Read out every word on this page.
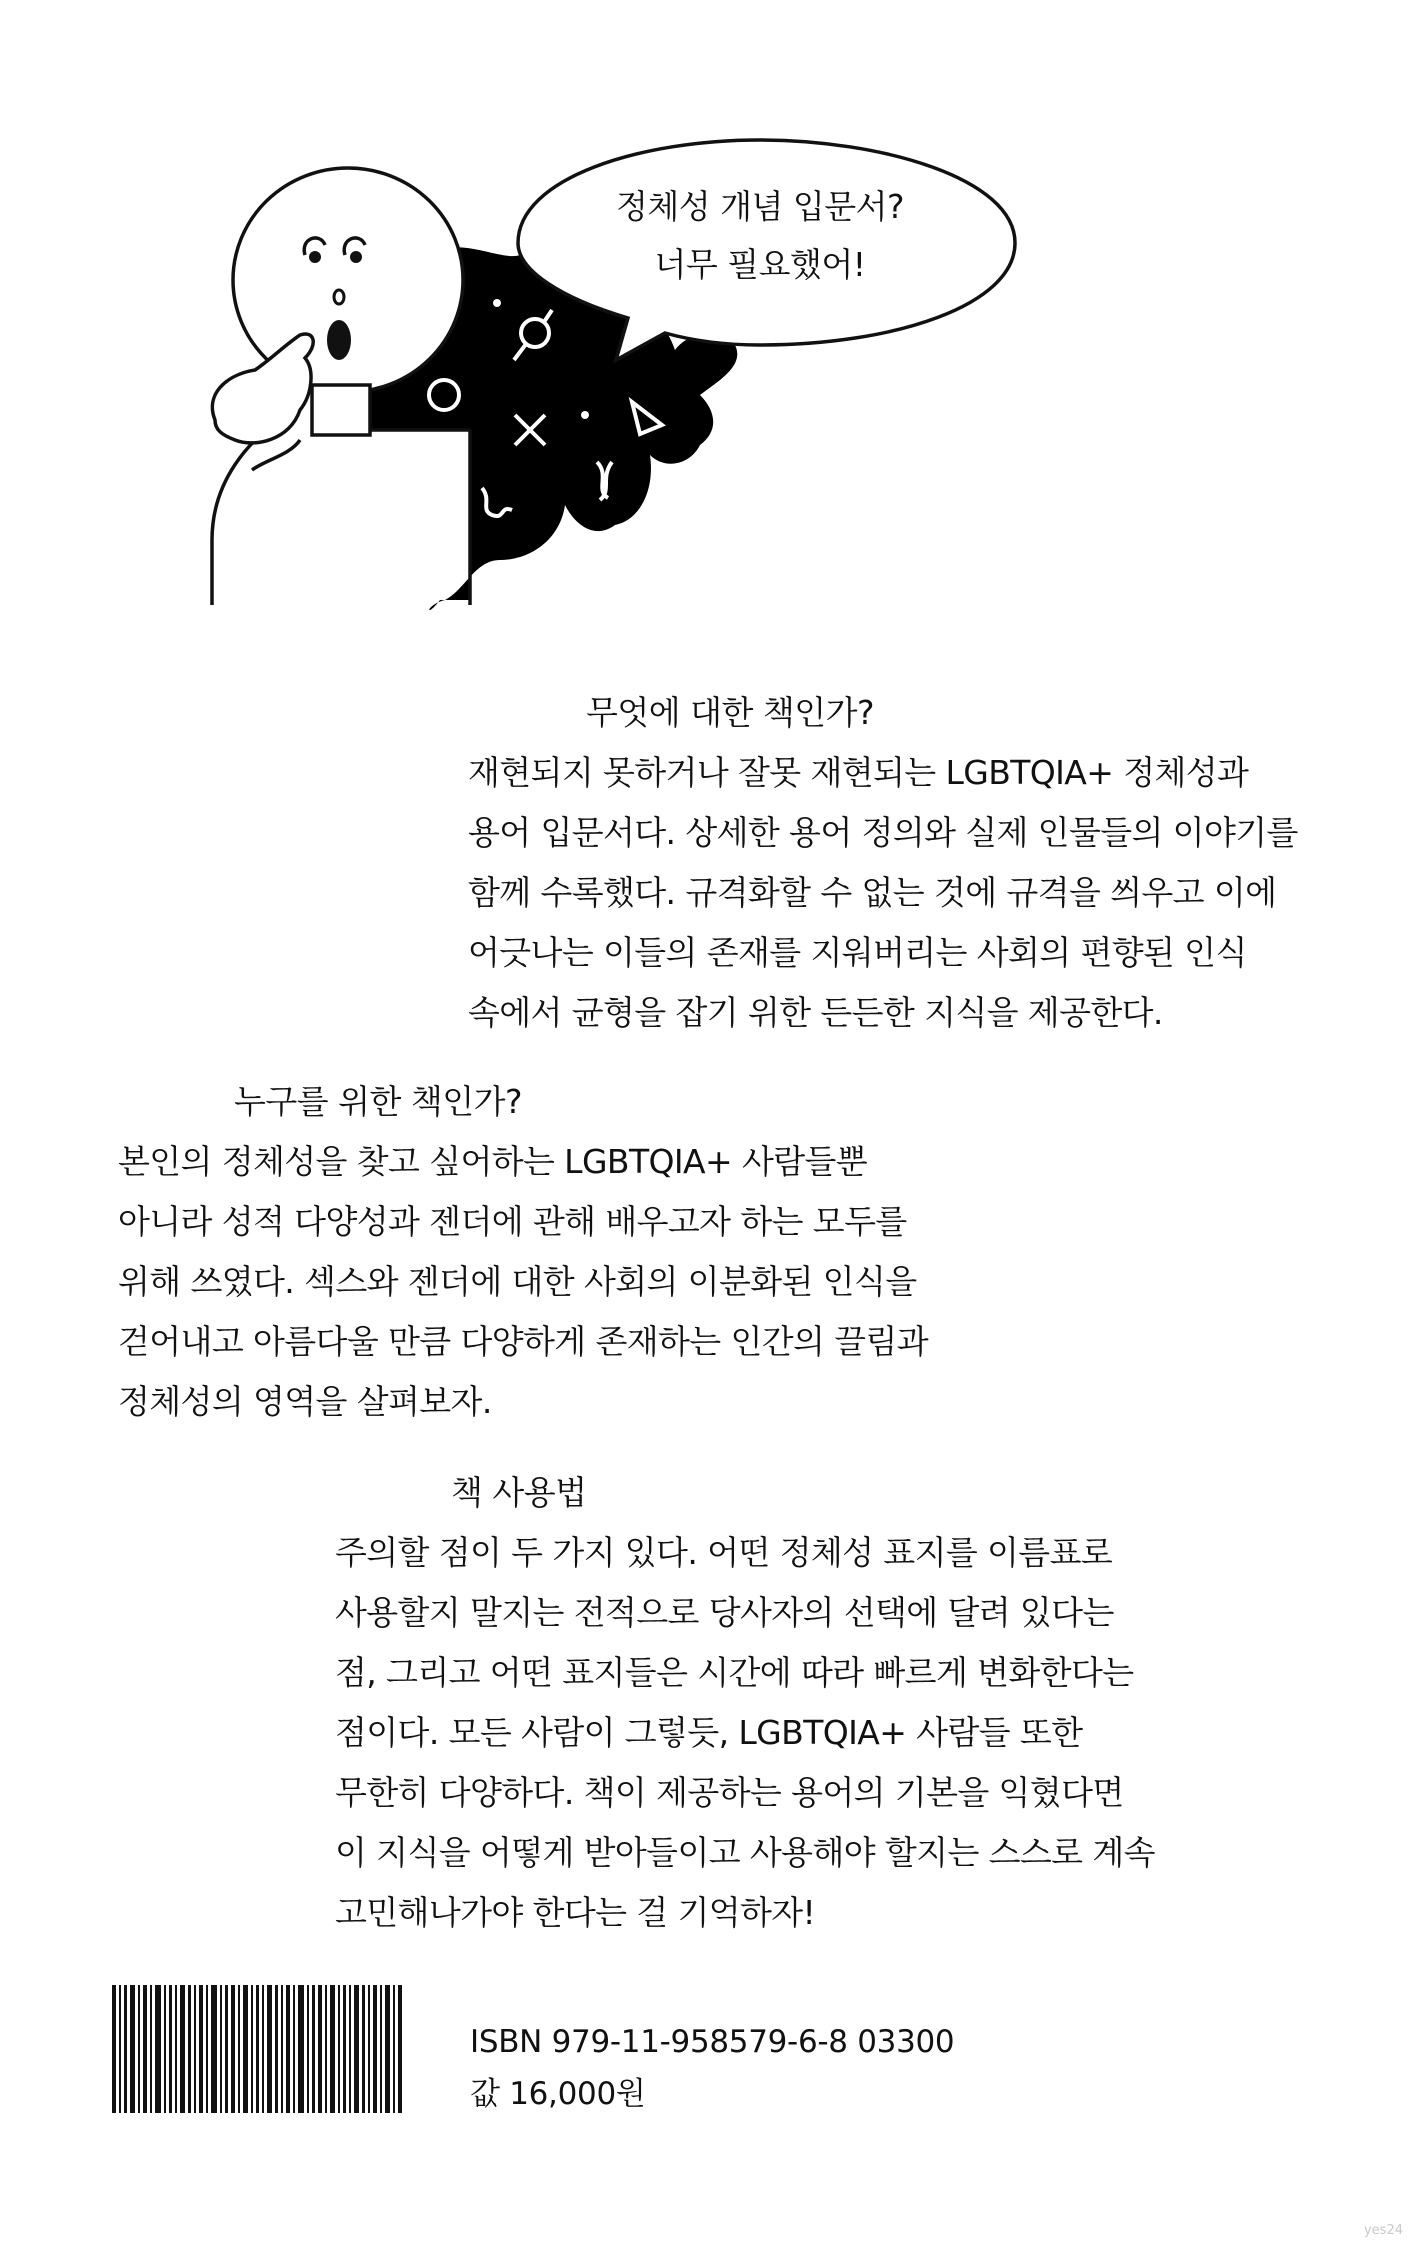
정체성 개념 입문서?
너무 필요했어!
무엇에 대한 책인가?

재현되지 못하거나 잘못 재현되는 LGBTQIA+ 정체성과
용어 입문서다. 상세한 용어 정의와 실제 인물들의 이야기를
함께 수록했다. 규격화할 수 없는 것에 규격을 씌우고 이에
어긋나는 이들의 존재를 지워버리는 사회의 편향된 인식
속에서 균형을 잡기 위한 든든한 지식을 제공한다.

누구를 위한 책인가?

본인의 정체성을 찾고 싶어하는 LGBTQIA+ 사람들뿐
아니라 성적 다양성과 젠더에 관해 배우고자 하는 모두를
위해 쓰였다. 섹스와 젠더에 대한 사회의 이분화된 인식을
걷어내고 아름다울 만큼 다양하게 존재하는 인간의 끌림과
정체성의 영역을 살펴보자.

책 사용법

주의할 점이 두 가지 있다. 어떤 정체성 표지를 이름표로
사용할지 말지는 전적으로 당사자의 선택에 달려 있다는
점, 그리고 어떤 표지들은 시간에 따라 빠르게 변화한다는
점이다. 모든 사람이 그렇듯, LGBTQIA+ 사람들 또한
무한히 다양하다. 책이 제공하는 용어의 기본을 익혔다면
이 지식을 어떻게 받아들이고 사용해야 할지는 스스로 계속
고민해나가야 한다는 걸 기억하자!

ISBN 979-11-958579-6-8 03300
값 16,000원
yes24
